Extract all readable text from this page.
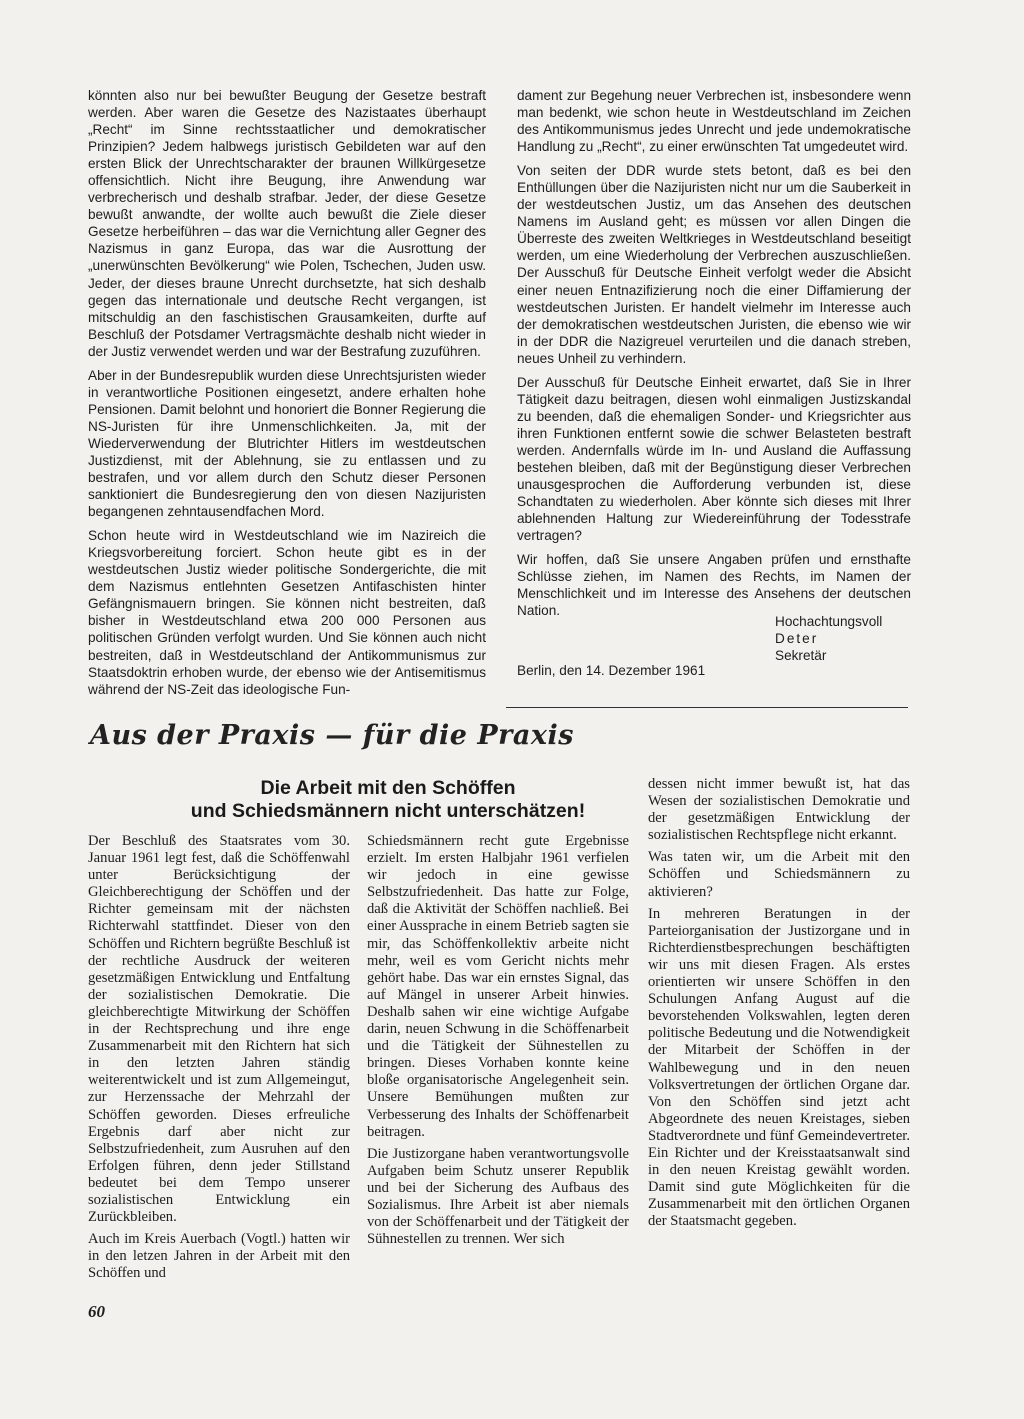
könnten also nur bei bewußter Beugung der Gesetze bestraft werden. Aber waren die Gesetze des Nazistaates überhaupt „Recht“ im Sinne rechtsstaatlicher und demokratischer Prinzipien? Jedem halbwegs juristisch Gebildeten war auf den ersten Blick der Unrechtscharakter der braunen Willkürgesetze offensichtlich. Nicht ihre Beugung, ihre Anwendung war verbrecherisch und deshalb strafbar. Jeder, der diese Gesetze bewußt anwandte, der wollte auch bewußt die Ziele dieser Gesetze herbeiführen – das war die Vernichtung aller Gegner des Nazismus in ganz Europa, das war die Ausrottung der „unerwünschten Bevölkerung“ wie Polen, Tschechen, Juden usw. Jeder, der dieses braune Unrecht durchsetzte, hat sich deshalb gegen das internationale und deutsche Recht vergangen, ist mitschuldig an den faschistischen Grausamkeiten, durfte auf Beschluß der Potsdamer Vertragsmächte deshalb nicht wieder in der Justiz verwendet werden und war der Bestrafung zuzuführen.

Aber in der Bundesrepublik wurden diese Unrechtsjuristen wieder in verantwortliche Positionen eingesetzt, andere erhalten hohe Pensionen. Damit belohnt und honoriert die Bonner Regierung die NS-Juristen für ihre Unmenschlichkeiten. Ja, mit der Wiederverwendung der Blutrichter Hitlers im westdeutschen Justizdienst, mit der Ablehnung, sie zu entlassen und zu bestrafen, und vor allem durch den Schutz dieser Personen sanktioniert die Bundesregierung den von diesen Nazijuristen begangenen zehntausendfachen Mord.

Schon heute wird in Westdeutschland wie im Nazireich die Kriegsvorbereitung forciert. Schon heute gibt es in der westdeutschen Justiz wieder politische Sondergerichte, die mit dem Nazismus entlehnten Gesetzen Antifaschisten hinter Gefängnismauern bringen. Sie können nicht bestreiten, daß bisher in Westdeutschland etwa 200 000 Personen aus politischen Gründen verfolgt wurden. Und Sie können auch nicht bestreiten, daß in Westdeutschland der Antikommunismus zur Staatsdoktrin erhoben wurde, der ebenso wie der Antisemitismus während der NS-Zeit das ideologische Fun-

dament zur Begehung neuer Verbrechen ist, insbesondere wenn man bedenkt, wie schon heute in Westdeutschland im Zeichen des Antikommunismus jedes Unrecht und jede undemokratische Handlung zu „Recht“, zu einer erwünschten Tat umgedeutet wird.

Von seiten der DDR wurde stets betont, daß es bei den Enthüllungen über die Nazijuristen nicht nur um die Sauberkeit in der westdeutschen Justiz, um das Ansehen des deutschen Namens im Ausland geht; es müssen vor allen Dingen die Überreste des zweiten Weltkrieges in Westdeutschland beseitigt werden, um eine Wiederholung der Verbrechen auszuschließen. Der Ausschuß für Deutsche Einheit verfolgt weder die Absicht einer neuen Entnazifizierung noch die einer Diffamierung der westdeutschen Juristen. Er handelt vielmehr im Interesse auch der demokratischen westdeutschen Juristen, die ebenso wie wir in der DDR die Nazigreuel verurteilen und die danach streben, neues Unheil zu verhindern.

Der Ausschuß für Deutsche Einheit erwartet, daß Sie in Ihrer Tätigkeit dazu beitragen, diesen wohl einmaligen Justizskandal zu beenden, daß die ehemaligen Sonder- und Kriegsrichter aus ihren Funktionen entfernt sowie die schwer Belasteten bestraft werden. Andernfalls würde im In- und Ausland die Auffassung bestehen bleiben, daß mit der Begünstigung dieser Verbrechen unausgesprochen die Aufforderung verbunden ist, diese Schandtaten zu wiederholen. Aber könnte sich dieses mit Ihrer ablehnenden Haltung zur Wiedereinführung der Todesstrafe vertragen?

Wir hoffen, daß Sie unsere Angaben prüfen und ernsthafte Schlüsse ziehen, im Namen des Rechts, im Namen der Menschlichkeit und im Interesse des Ansehens der deutschen Nation.

Hochachtungsvoll
Deter
Sekretär
Berlin, den 14. Dezember 1961
Aus der Praxis — für die Praxis
Die Arbeit mit den Schöffen
und Schiedsmännern nicht unterschätzen!

Der Beschluß des Staatsrates vom 30. Januar 1961 legt fest, daß die Schöffenwahl unter Berücksichtigung der Gleichberechtigung der Schöffen und der Richter gemeinsam mit der nächsten Richterwahl stattfindet. Dieser von den Schöffen und Richtern begrüßte Beschluß ist der rechtliche Ausdruck der weiteren gesetzmäßigen Entwicklung und Entfaltung der sozialistischen Demokratie. Die gleichberechtigte Mitwirkung der Schöffen in der Rechtsprechung und ihre enge Zusammenarbeit mit den Richtern hat sich in den letzten Jahren ständig weiterentwickelt und ist zum Allgemeingut, zur Herzenssache der Mehrzahl der Schöffen geworden. Dieses erfreuliche Ergebnis darf aber nicht zur Selbstzufriedenheit, zum Ausruhen auf den Erfolgen führen, denn jeder Stillstand bedeutet bei dem Tempo unserer sozialistischen Entwicklung ein Zurückbleiben.

Auch im Kreis Auerbach (Vogtl.) hatten wir in den letzen Jahren in der Arbeit mit den Schöffen und

Schiedsmännern recht gute Ergebnisse erzielt. Im ersten Halbjahr 1961 verfielen wir jedoch in eine gewisse Selbstzufriedenheit. Das hatte zur Folge, daß die Aktivität der Schöffen nachließ. Bei einer Aussprache in einem Betrieb sagten sie mir, das Schöffenkollektiv arbeite nicht mehr, weil es vom Gericht nichts mehr gehört habe. Das war ein ernstes Signal, das auf Mängel in unserer Arbeit hinwies. Deshalb sahen wir eine wichtige Aufgabe darin, neuen Schwung in die Schöffenarbeit und die Tätigkeit der Sühnestellen zu bringen. Dieses Vorhaben konnte keine bloße organisatorische Angelegenheit sein. Unsere Bemühungen mußten zur Verbesserung des Inhalts der Schöffenarbeit beitragen.

Die Justizorgane haben verantwortungsvolle Aufgaben beim Schutz unserer Republik und bei der Sicherung des Aufbaus des Sozialismus. Ihre Arbeit ist aber niemals von der Schöffenarbeit und der Tätigkeit der Sühnestellen zu trennen. Wer sich

dessen nicht immer bewußt ist, hat das Wesen der sozialistischen Demokratie und der gesetzmäßigen Entwicklung der sozialistischen Rechtspflege nicht erkannt.

Was taten wir, um die Arbeit mit den Schöffen und Schiedsmännern zu aktivieren?

In mehreren Beratungen in der Parteiorganisation der Justizorgane und in Richterdienstbesprechungen beschäftigten wir uns mit diesen Fragen. Als erstes orientierten wir unsere Schöffen in den Schulungen Anfang August auf die bevorstehenden Volkswahlen, legten deren politische Bedeutung und die Notwendigkeit der Mitarbeit der Schöffen in der Wahlbewegung und in den neuen Volksvertretungen der örtlichen Organe dar. Von den Schöffen sind jetzt acht Abgeordnete des neuen Kreistages, sieben Stadtverordnete und fünf Gemeindevertreter. Ein Richter und der Kreisstaatsanwalt sind in den neuen Kreistag gewählt worden. Damit sind gute Möglichkeiten für die Zusammenarbeit mit den örtlichen Organen der Staatsmacht gegeben.

60
